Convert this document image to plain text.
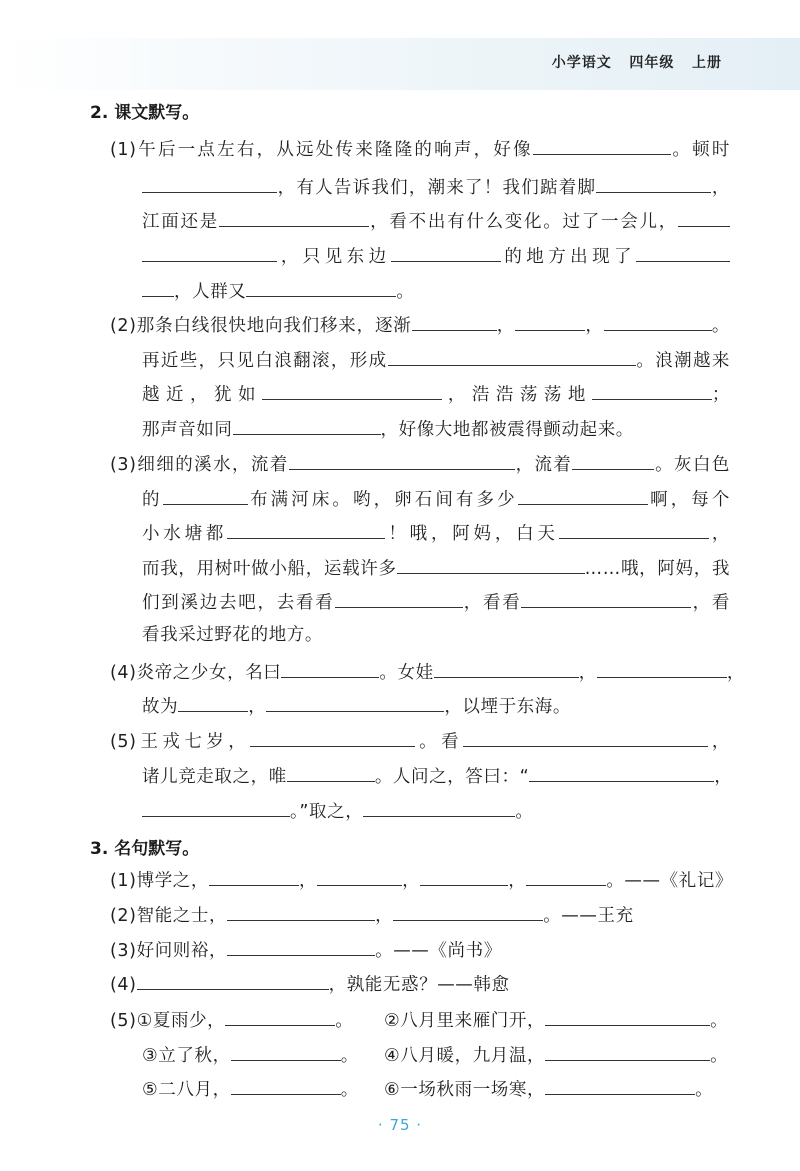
小学语文   四年级   上册
2. 课文默写。
(1)午后一点左右，从远处传来隆隆的响声，好像	。顿时
，有人告诉我们，潮来了！我们踮着脚	，
江面还是	，看不出有什么变化。过了一会儿，
，只见东边	的地方出现了
，人群又	。
(2)那条白线很快地向我们移来，逐渐	，	，	。
再近些，只见白浪翻滚，形成	。浪潮越来
越近，犹如	，浩浩荡荡地	；
那声音如同	，好像大地都被震得颤动起来。
(3)细细的溪水，流着	，流着	。灰白色
的	布满河床。哟，卵石间有多少	啊，每个
小水塘都	！哦，阿妈，白天	，
而我，用树叶做小船，运载许多	……哦，阿妈，我
们到溪边去吧，去看看	，看看	，看
看我采过野花的地方。
(4)炎帝之少女，名曰	。女娃	，	，
故为	，	，以堙于东海。
(5)王戎七岁，	。看	，
诸儿竞走取之，唯	。人问之，答曰：“	，
。”取之，	。
3. 名句默写。
(1)博学之，	，	，	，	。——《礼记》
(2)智能之士，	，	。——王充
(3)好问则裕，	。——《尚书》
(4)	，孰能无惑？——韩愈
(5)①夏雨少，	。 ②八月里来雁门开，	。
③立了秋，	。 ④八月暖，九月温，	。
⑤二八月，	。 ⑥一场秋雨一场寒，	。
· 75 ·
